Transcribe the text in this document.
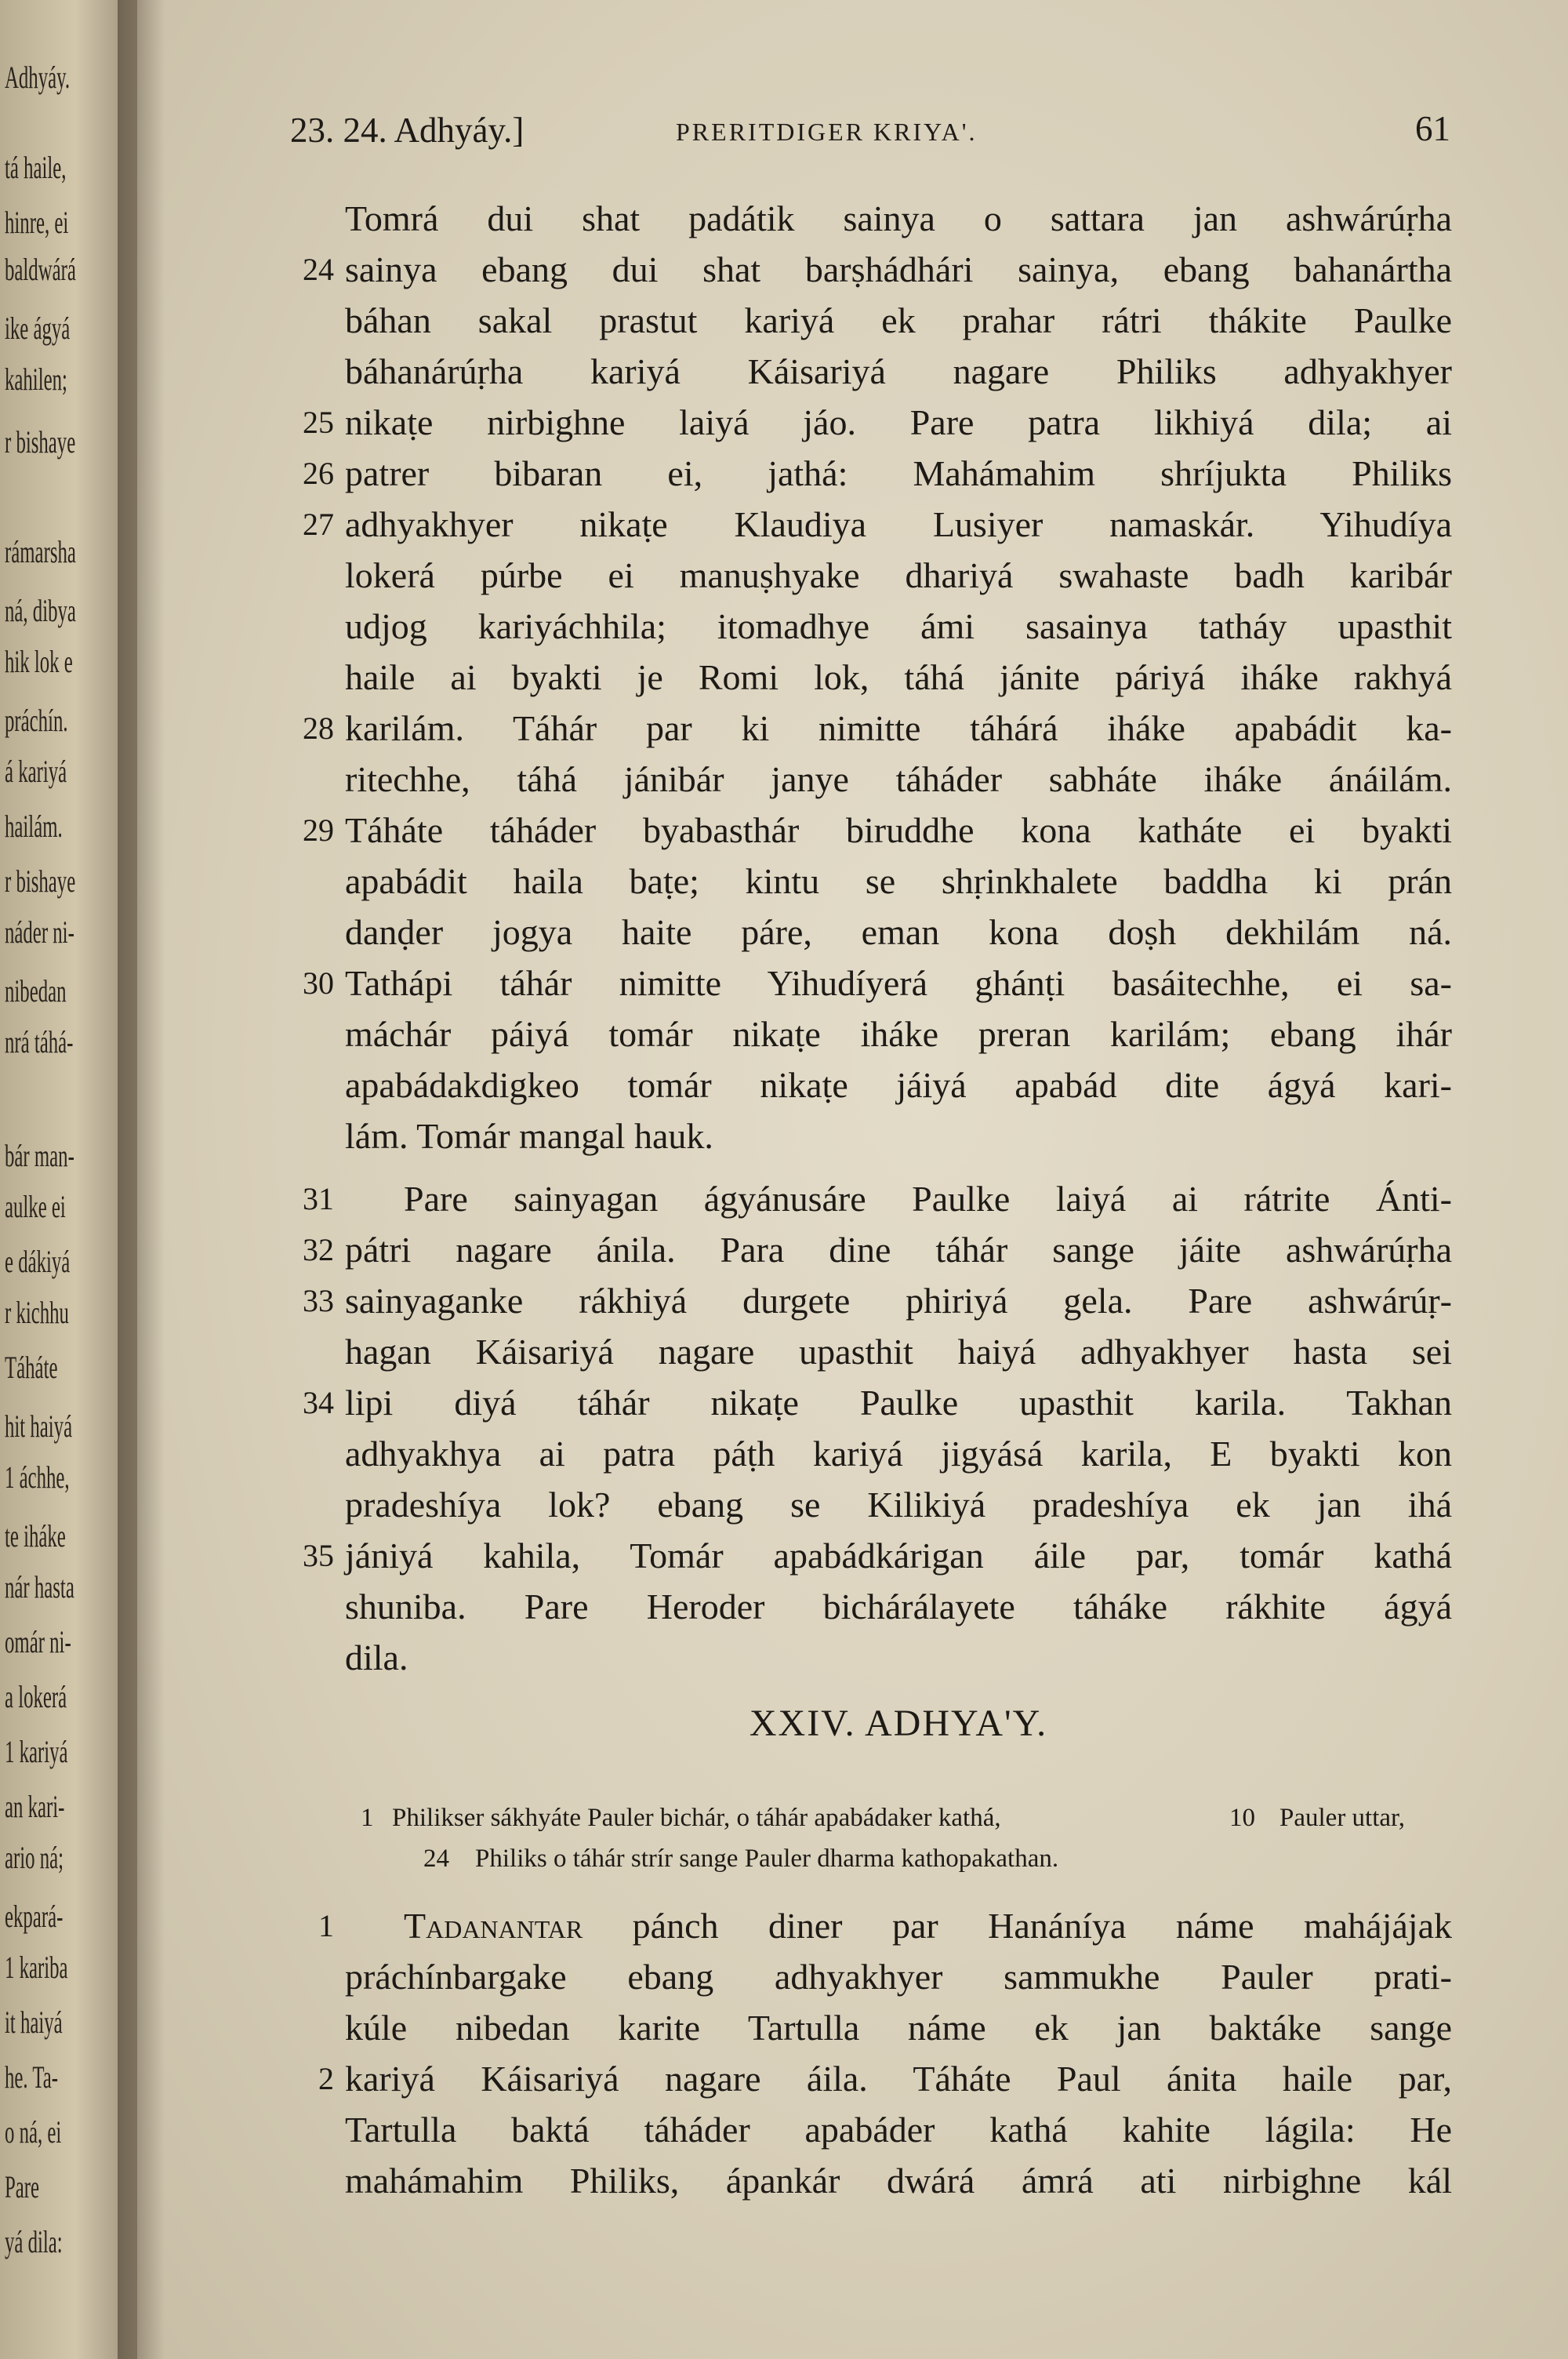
Adhyáy.
tá haile,
hinre, ei
baldwárá
ike ágyá
kahilen;
r bishaye
rámarsha
ná, dibya
hik lok e
práchín.
á kariyá
hailám.
r bishaye
náder ni-
nibedan
nrá táhá-
bár man-
aulke ei
e dákiyá
r kichhu
Táháte
hit haiyá
1 áchhe,
te iháke
nár hasta
omár ni-
a lokerá
1 kariyá
an kari-
ario ná;
ekpará-
1 kariba
it haiyá
he. Ta-
o ná, ei
Pare
yá dila:
23. 24. Adhyáy.]	PRERITDIGER KRIYA'.	61
Tomrá dui shat padátik sainya o sattara jan ashwárúṛha
24 sainya ebang dui shat barṣhádhári sainya, ebang bahanártha
báhan sakal prastut kariyá ek prahar rátri thákite Paulke
báhanárúṛha kariyá Káisariyá nagare Philiks adhyakhyer
25 nikaṭe nirbighne laiyá jáo. Pare patra likhiyá dila; ai
26 patrer bibaran ei, jathá: Mahámahim shríjukta Philiks
27 adhyakhyer nikaṭe Klaudiya Lusiyer namaskár. Yihudíya
lokerá púrbe ei manuṣhyake dhariyá swahaste badh karibár
udjog kariyáchhila; itomadhye ámi sasainya tatháy upasthit
haile ai byakti je Romi lok, táhá jánite páriyá iháke rakhyá
28 karilám. Táhár par ki nimitte táhárá iháke apabádit ka-
ritechhe, táhá jánibár janye táháder sabháte iháke ánáilám.
29 Táháte táháder byabasthár biruddhe kona katháte ei byakti
apabádit haila baṭe; kintu se shṛinkhalete baddha ki prán
danḍer jogya haite páre, eman kona doṣh dekhilám ná.
30 Tathápi táhár nimitte Yihudíyerá ghánṭi basáitechhe, ei sa-
máchár páiyá tomár nikaṭe iháke preran karilám; ebang ihár
apabádakdigkeo tomár nikaṭe jáiyá apabád dite ágyá kari-
lám. Tomár mangal hauk.
31 Pare sainyagan ágyánusáre Paulke laiyá ai rátrite Ánti-
32 pátri nagare ánila. Para dine táhár sange jáite ashwárúṛha
33 sainyaganke rákhiyá durgete phiriyá gela. Pare ashwárúṛ-
hagan Káisariyá nagare upasthit haiyá adhyakhyer hasta sei
34 lipi diyá táhár nikaṭe Paulke upasthit karila. Takhan
adhyakhya ai patra páṭh kariyá jigyásá karila, E byakti kon
pradeshíya lok? ebang se Kilikiyá pradeshíya ek jan ihá
35 jániyá kahila, Tomár apabádkárigan áile par, tomár kathá
shuniba. Pare Heroder bichárálayete táháke rákhite ágyá
dila.
XXIV. ADHYA'Y.
1 Philikser sákhyáte Pauler bichár, o táhár apabádaker kathá,	10 Pauler uttar,
24 Philiks o táhár strír sange Pauler dharma kathopakathan.
1 Tadanantar pánch diner par Hanáníya náme mahájájak
práchínbargake ebang adhyakhyer sammukhe Pauler prati-
kúle nibedan karite Tartulla náme ek jan baktáke sange
2 kariyá Káisariyá nagare áila. Táháte Paul ánita haile par,
Tartulla baktá táháder apabáder kathá kahite lágila: He
mahámahim Philiks, ápankár dwárá ámrá ati nirbighne kál
